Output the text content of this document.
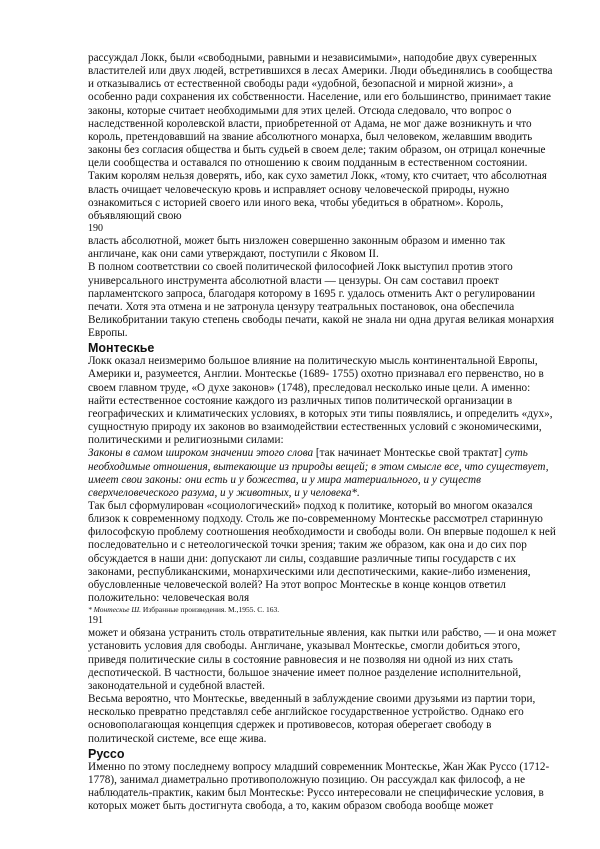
рассуждал Локк, были «свободными, равными и независимыми», наподобие двух суверенных властителей или двух людей, встретившихся в лесах Америки. Люди объединялись в сообщества и отказывались от естественной свободы ради «удобной, безопасной и мирной жизни», а особенно ради сохранения их собственности. Население, или его большинство, принимает такие законы, которые считает необходимыми для этих целей. Отсюда следовало, что вопрос о наследственной королевской власти, приобретенной от Адама, не мог даже возникнуть и что король, претендовавший на звание абсолютного монарха, был человеком, желавшим вводить законы без согласия общества и быть судьей в своем деле; таким образом, он отрицал конечные цели сообщества и оставался по отношению к своим подданным в естественном состоянии. Таким королям нельзя доверять, ибо, как сухо заметил Локк, «тому, кто считает, что абсолютная власть очищает человеческую кровь и исправляет основу человеческой природы, нужно ознакомиться с историей своего или иного века, чтобы убедиться в обратном». Король, объявляющий свою

190

власть абсолютной, может быть низложен совершенно законным образом и именно так англичане, как они сами утверждают, поступили с Яковом II.

В полном соответствии со своей политической философией Локк выступил против этого универсального инструмента абсолютной власти — цензуры. Он сам составил проект парламентского запроса, благодаря которому в 1695 г. удалось отменить Акт о регулировании печати. Хотя эта отмена и не затронула цензуру театральных постановок, она обеспечила Великобритании такую степень свободы печати, какой не знала ни одна другая великая монархия Европы.

Монтескье

Локк оказал неизмеримо большое влияние на политическую мысль континентальной Европы, Америки и, разумеется, Англии. Монтескье (1689- 1755) охотно признавал его первенство, но в своем главном труде, «О духе законов» (1748), преследовал несколько иные цели. А именно: найти естественное состояние каждого из различных типов политической организации в географических и климатических условиях, в которых эти типы появлялись, и определить «дух», сущностную природу их законов во взаимодействии естественных условий с экономическими, политическими и религиозными силами:

Законы в самом широком значении этого слова [так начинает Монтескье свой трактат] суть необходимые отношения, вытекающие из природы вещей; в этом смысле все, что существует, имеет свои законы: они есть и у божества, и у мира материального, и у существ сверхчеловеческого разума, и у животных, и у человека*.

Так был сформулирован «социологический» подход к политике, который во многом оказался близок к современному подходу. Столь же по-современному Монтескье рассмотрел старинную философскую проблему соотношения необходимости и свободы воли. Он впервые подошел к ней последовательно и с нетеологической точки зрения; таким же образом, как она и до сих пор обсуждается в наши дни: допускают ли силы, создавшие различные типы государств с их законами, республиканскими, монархическими или деспотическими, какие-либо изменения, обусловленные человеческой волей? На этот вопрос Монтескье в конце концов ответил положительно: человеческая воля

* Монтескье Ш. Избранные произведения. М.,1955. С. 163.

191

может и обязана устранить столь отвратительные явления, как пытки или рабство, — и она может установить условия для свободы. Англичане, указывал Монтескье, смогли добиться этого, приведя политические силы в состояние равновесия и не позволяя ни одной из них стать деспотической. В частности, большое значение имеет полное разделение исполнительной, законодательной и судебной властей.

Весьма вероятно, что Монтескье, введенный в заблуждение своими друзьями из партии тори, несколько превратно представлял себе английское государственное устройство. Однако его основополагающая концепция сдержек и противовесов, которая оберегает свободу в политической системе, все еще жива.

Руссо

Именно по этому последнему вопросу младший современник Монтескье, Жан Жак Руссо (1712-1778), занимал диаметрально противоположную позицию. Он рассуждал как философ, а не наблюдатель-практик, каким был Монтескье: Руссо интересовали не специфические условия, в которых может быть достигнута свобода, а то, каким образом свобода вообще может
